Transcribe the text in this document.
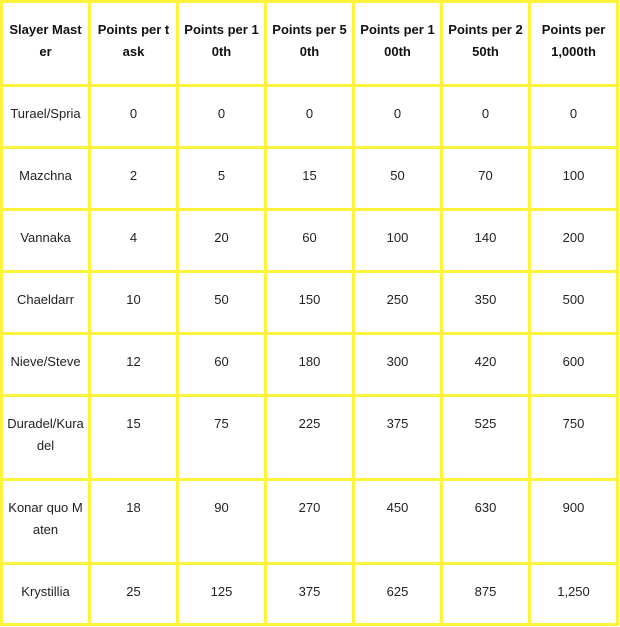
Slayer Master	Points per task	Points per 10th	Points per 50th	Points per 100th	Points per 250th	Points per 1,000th
Turael/Spria	0	0	0	0	0	0
Mazchna	2	5	15	50	70	100
Vannaka	4	20	60	100	140	200
Chaeldarr	10	50	150	250	350	500
Nieve/Steve	12	60	180	300	420	600
Duradel/Kuradel	15	75	225	375	525	750
Konar quo Maten	18	90	270	450	630	900
Krystillia	25	125	375	625	875	1,250
